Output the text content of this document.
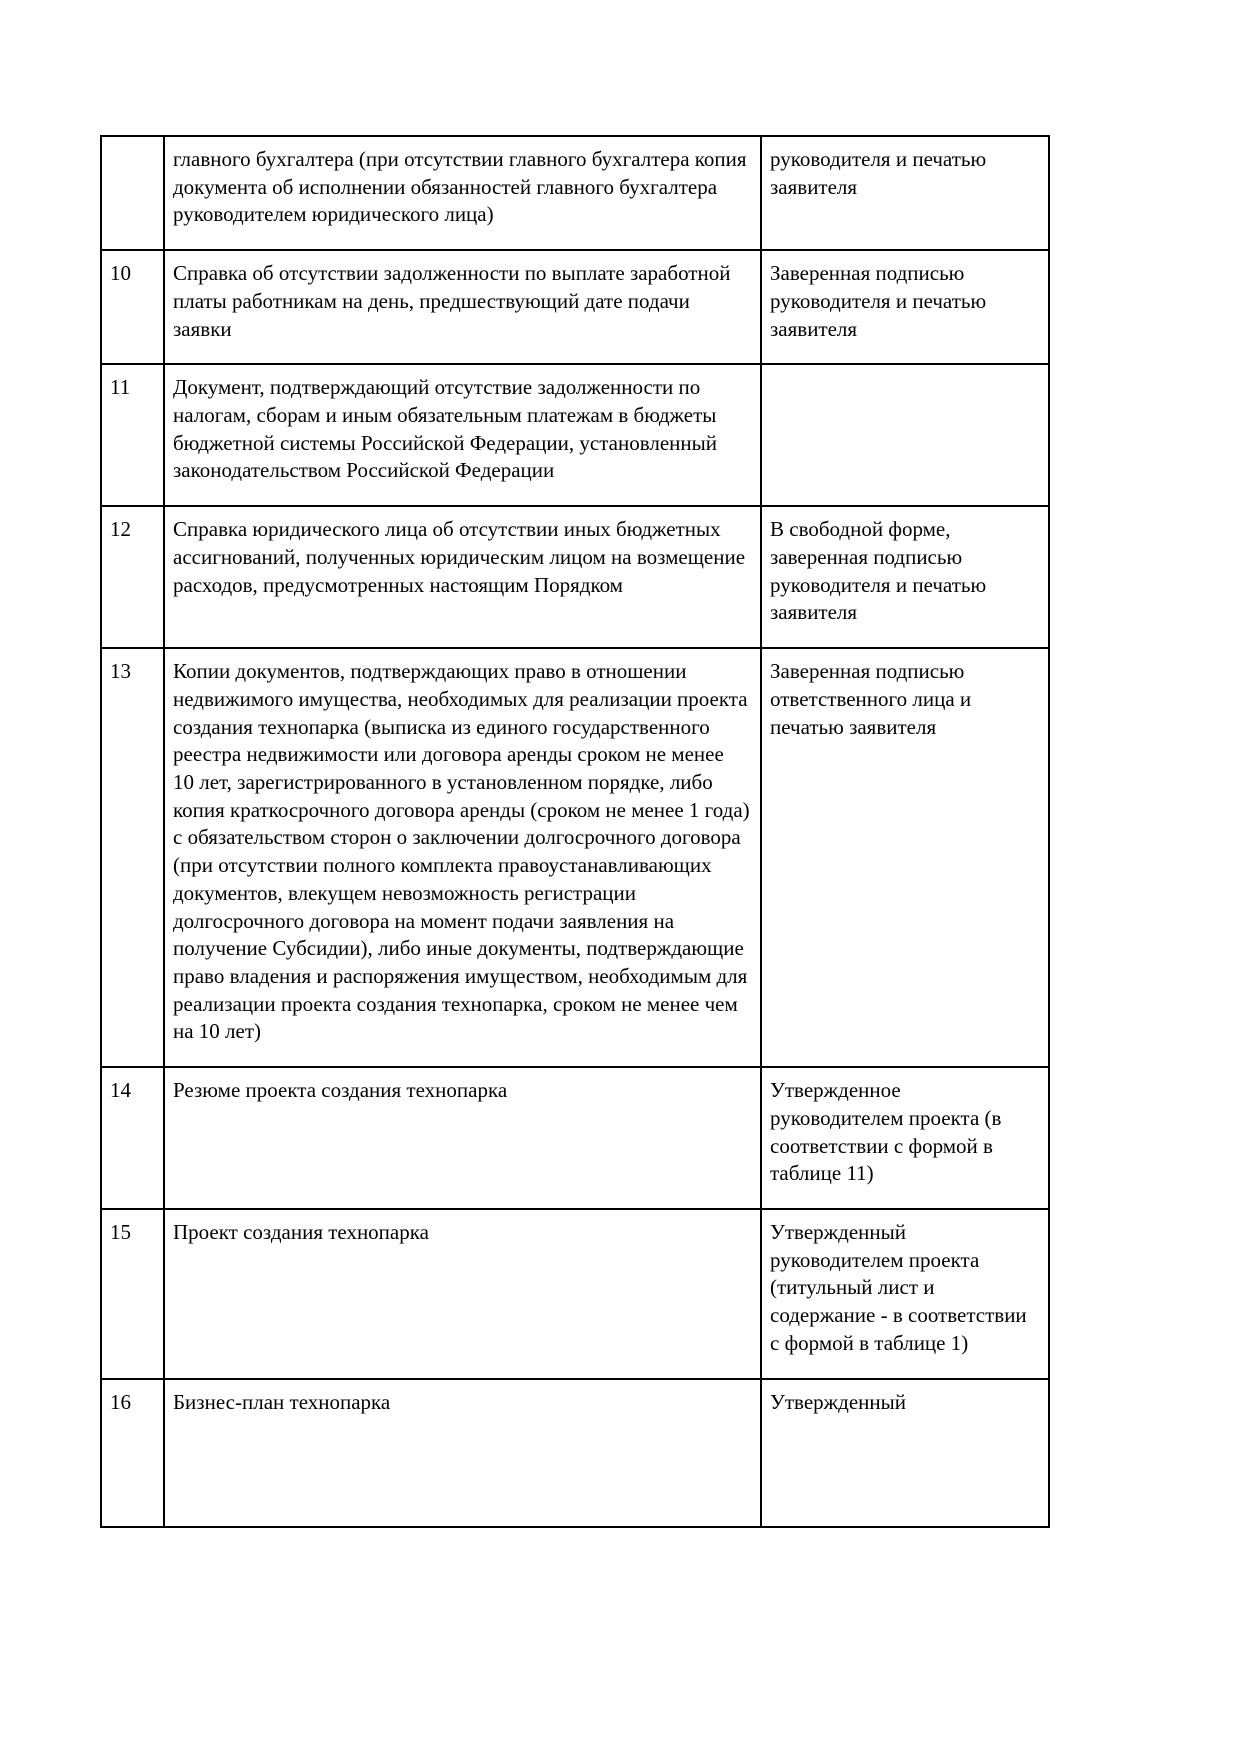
	главного бухгалтера (при отсутствии главного бухгалтера копия документа об исполнении обязанностей главного бухгалтера руководителем юридического лица)	руководителя и печатью заявителя
10	Справка об отсутствии задолженности по выплате заработной платы работникам на день, предшествующий дате подачи заявки	Заверенная подписью руководителя и печатью заявителя
11	Документ, подтверждающий отсутствие задолженности по налогам, сборам и иным обязательным платежам в бюджеты бюджетной системы Российской Федерации, установленный законодательством Российской Федерации	
12	Справка юридического лица об отсутствии иных бюджетных ассигнований, полученных юридическим лицом на возмещение расходов, предусмотренных настоящим Порядком	В свободной форме, заверенная подписью руководителя и печатью заявителя
13	Копии документов, подтверждающих право в отношении недвижимого имущества, необходимых для реализации проекта создания технопарка (выписка из единого государственного реестра недвижимости или договора аренды сроком не менее 10 лет, зарегистрированного в установленном порядке, либо копия краткосрочного договора аренды (сроком не менее 1 года) с обязательством сторон о заключении долгосрочного договора (при отсутствии полного комплекта правоустанавливающих документов, влекущем невозможность регистрации долгосрочного договора на момент подачи заявления на получение Субсидии), либо иные документы, подтверждающие право владения и распоряжения имуществом, необходимым для реализации проекта создания технопарка, сроком не менее чем на 10 лет)	Заверенная подписью ответственного лица и печатью заявителя
14	Резюме проекта создания технопарка	Утвержденное руководителем проекта (в соответствии с формой в таблице 11)
15	Проект создания технопарка	Утвержденный руководителем проекта (титульный лист и содержание - в соответствии с формой в таблице 1)
16	Бизнес-план технопарка	Утвержденный
